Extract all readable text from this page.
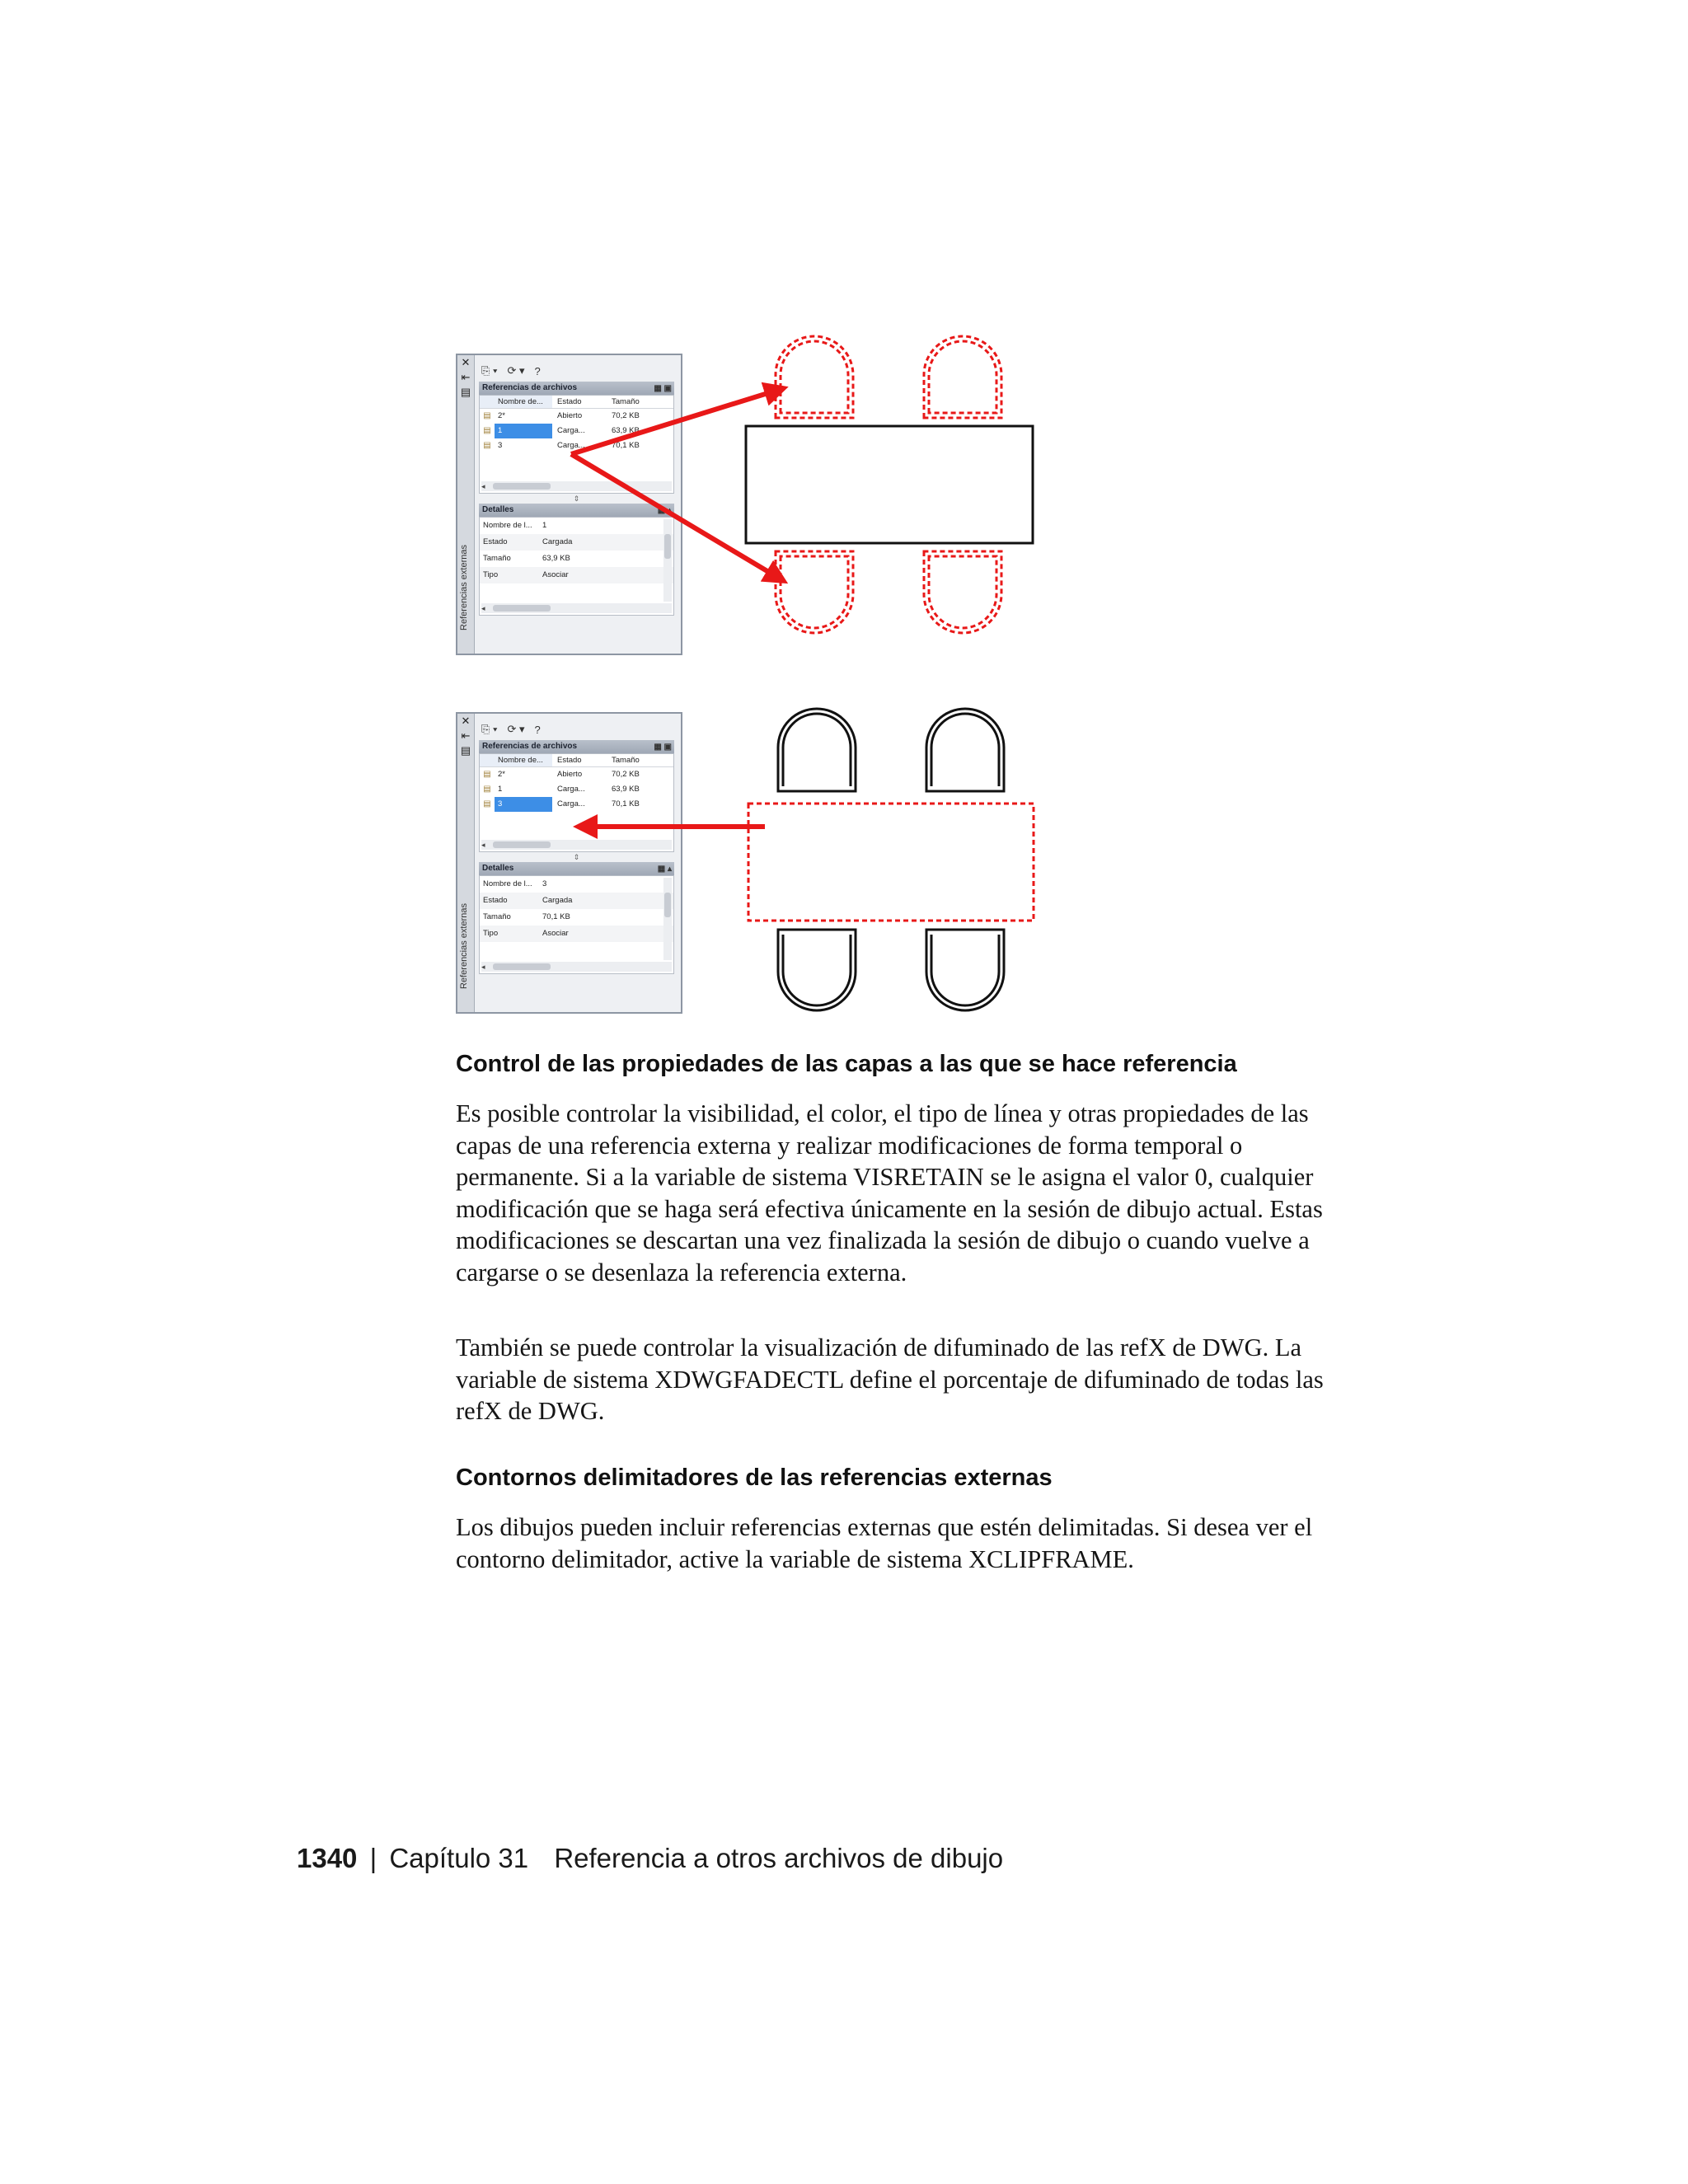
✕
⇤
▤
Referencias externas
⎘ ▾ ⟳ ▾ ?
Referencias de archivos	▦ ▣
Nombre de...	Estado	Tamaño
▤ 2*	Abierto	70,2 KB
▤ 1	Carga...	63,9 KB
▤ 3	Carga...	70,1 KB
◂
⇕
Detalles	▦ ▴
Nombre de l...	1
Estado	Cargada
Tamaño	63,9 KB
Tipo	Asociar
◂
✕
⇤
▤
Referencias externas
⎘ ▾ ⟳ ▾ ?
Referencias de archivos	▦ ▣
Nombre de...	Estado	Tamaño
▤ 2*	Abierto	70,2 KB
▤ 1	Carga...	63,9 KB
▤ 3	Carga...	70,1 KB
◂
⇕
Detalles	▦ ▴
Nombre de l...	3
Estado	Cargada
Tamaño	70,1 KB
Tipo	Asociar
◂
Control de las propiedades de las capas a las que se hace referencia

Es posible controlar la visibilidad, el color, el tipo de línea y otras propiedades de las capas de una referencia externa y realizar modificaciones de forma temporal o permanente. Si a la variable de sistema VISRETAIN se le asigna el valor 0, cualquier modificación que se haga será efectiva únicamente en la sesión de dibujo actual. Estas modificaciones se descartan una vez finalizada la sesión de dibujo o cuando vuelve a cargarse o se desenlaza la referencia externa.

También se puede controlar la visualización de difuminado de las refX de DWG. La variable de sistema XDWGFADECTL define el porcentaje de difuminado de todas las refX de DWG.

Contornos delimitadores de las referencias externas

Los dibujos pueden incluir referencias externas que estén delimitadas. Si desea ver el contorno delimitador, active la variable de sistema XCLIPFRAME.

1340 | Capítulo 31 Referencia a otros archivos de dibujo
